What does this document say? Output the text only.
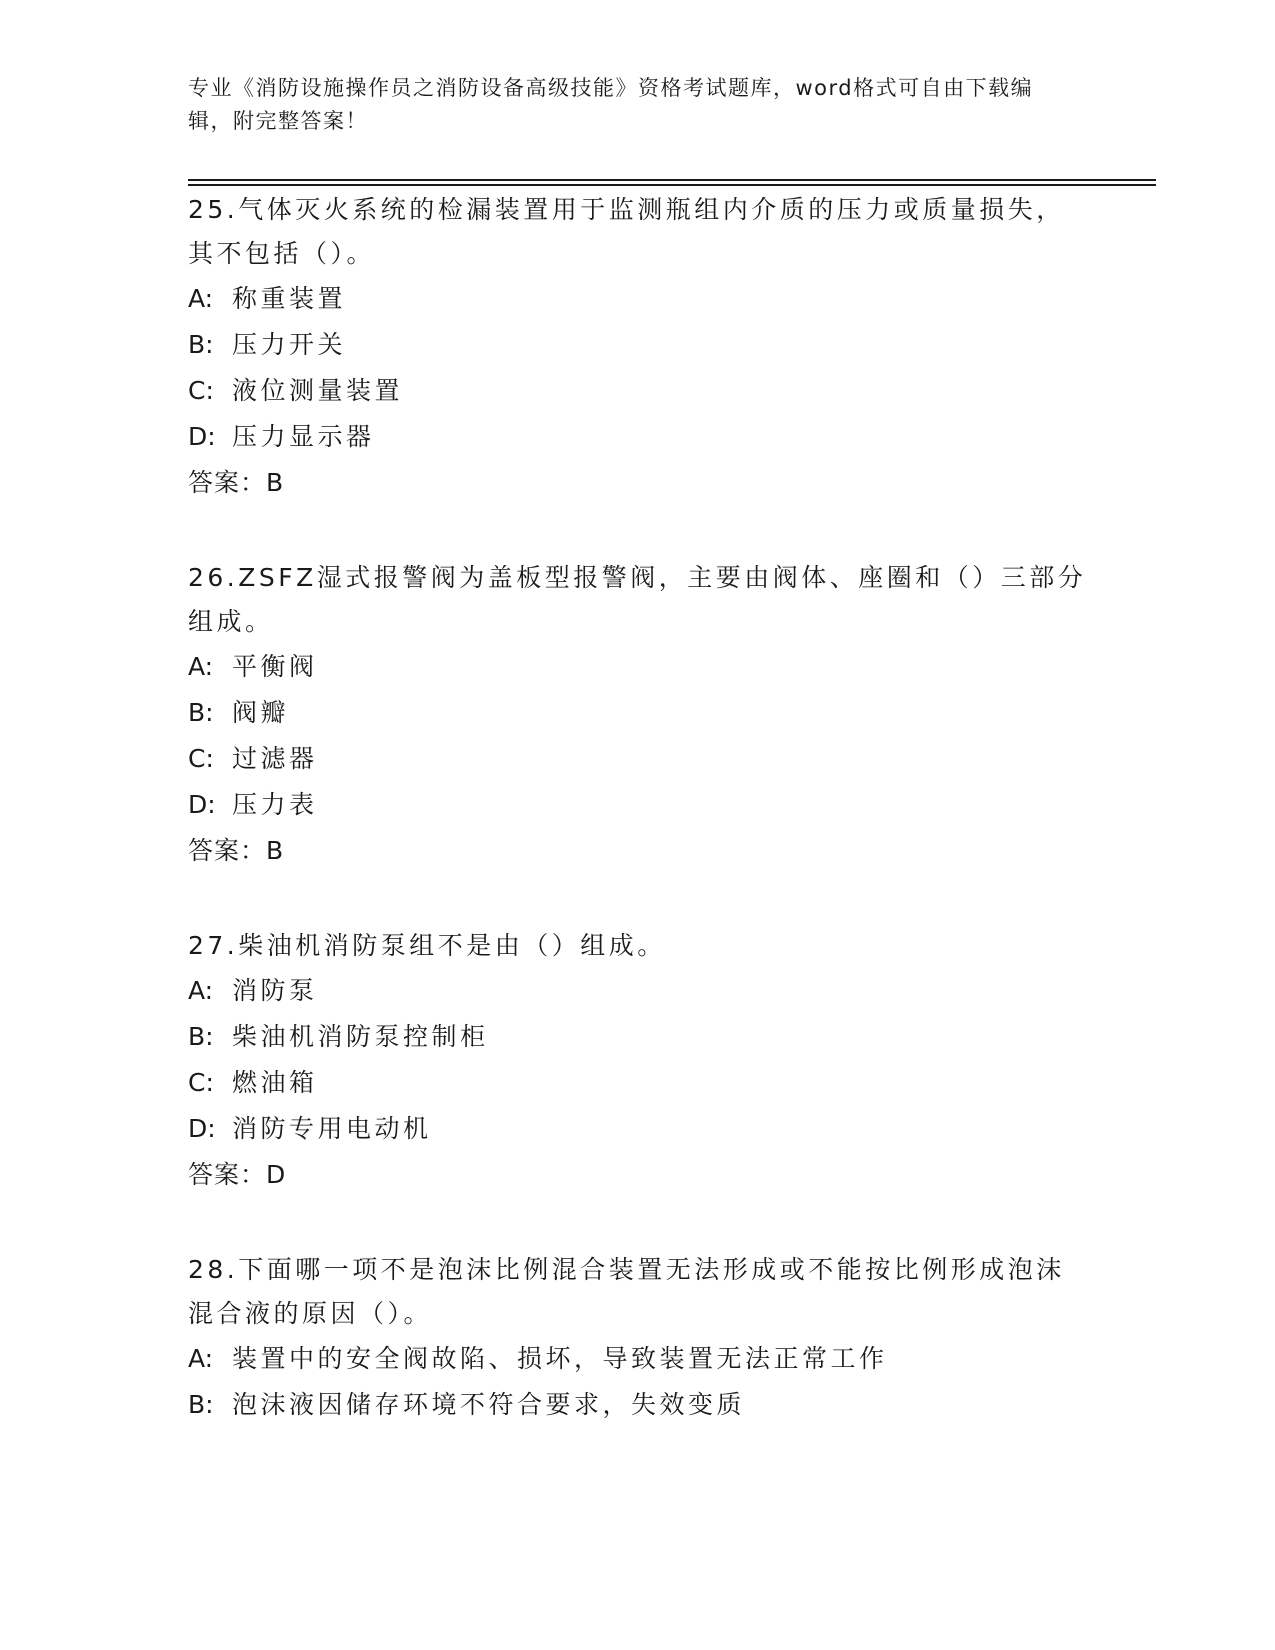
专业《消防设施操作员之消防设备高级技能》资格考试题库，word格式可自由下载编辑，附完整答案！

25.气体灭火系统的检漏装置用于监测瓶组内介质的压力或质量损失，其不包括（）。

A: 称重装置

B: 压力开关

C: 液位测量装置

D: 压力显示器

答案：B

26.ZSFZ湿式报警阀为盖板型报警阀，主要由阀体、座圈和（）三部分组成。

A: 平衡阀

B: 阀瓣

C: 过滤器

D: 压力表

答案：B

27.柴油机消防泵组不是由（）组成。

A: 消防泵

B: 柴油机消防泵控制柜

C: 燃油箱

D: 消防专用电动机

答案：D

28.下面哪一项不是泡沫比例混合装置无法形成或不能按比例形成泡沫混合液的原因（）。

A: 装置中的安全阀故陷、损坏，导致装置无法正常工作

B: 泡沫液因储存环境不符合要求，失效变质
